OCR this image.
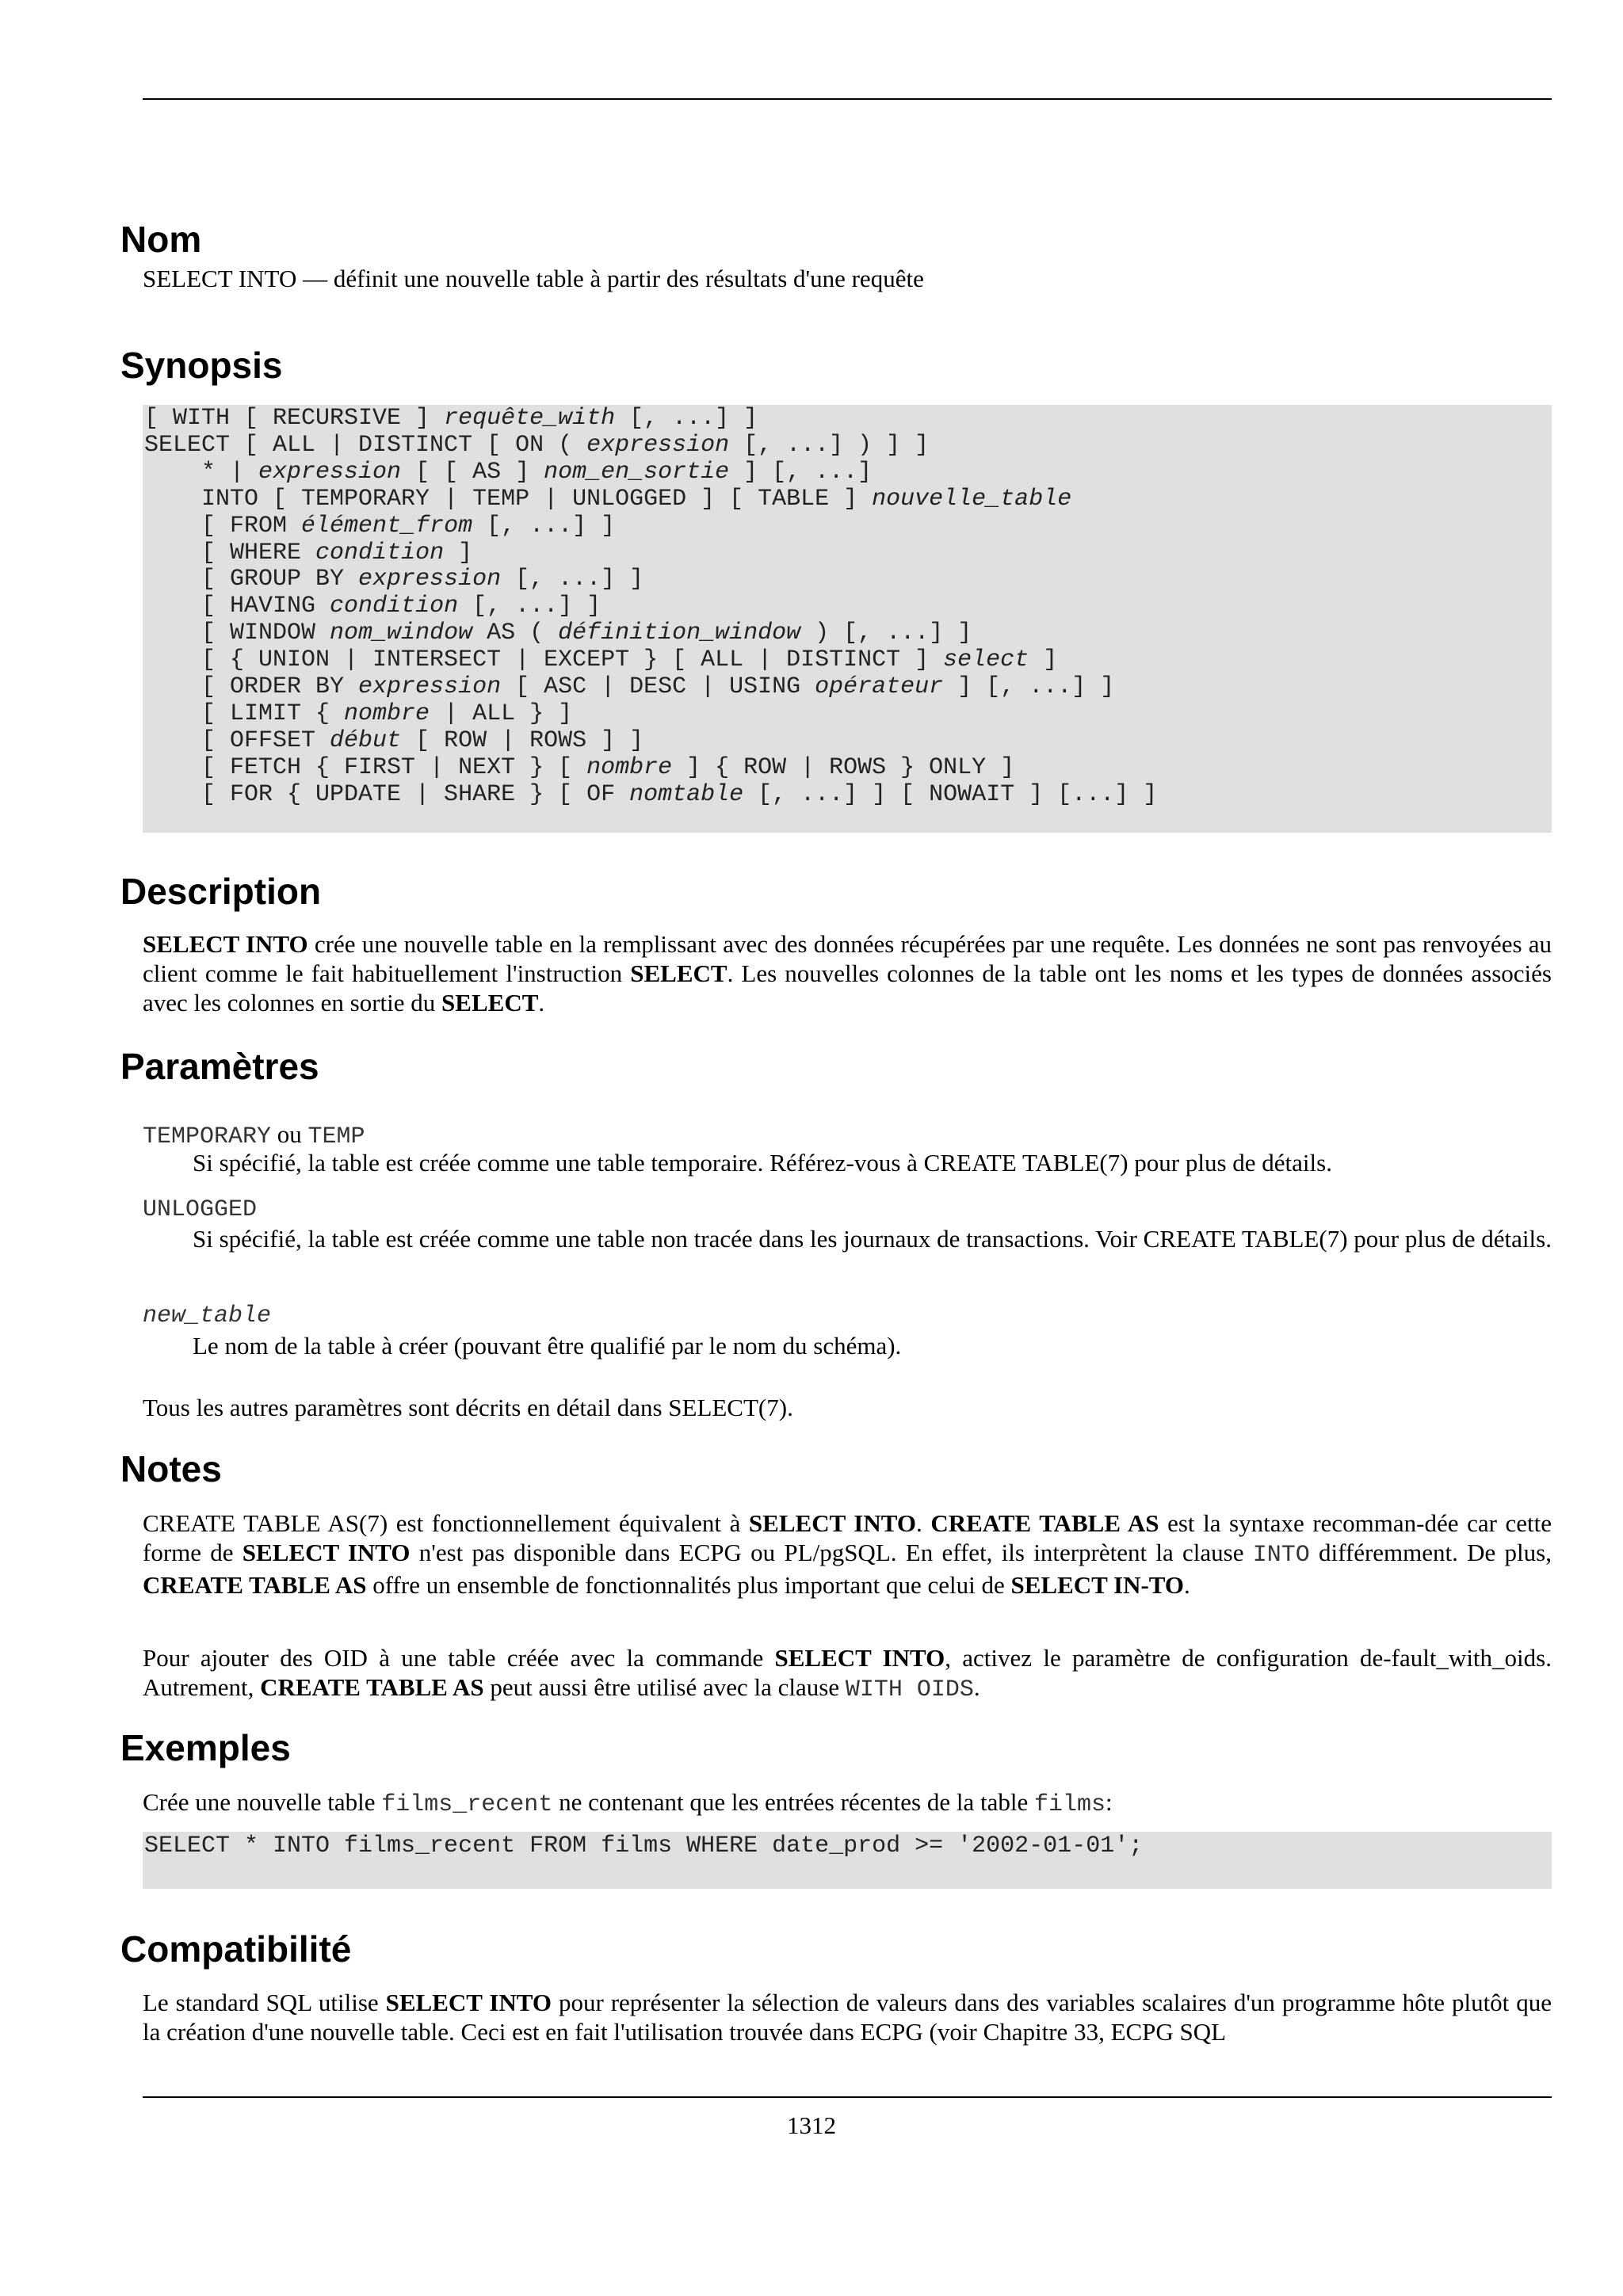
Nom

SELECT INTO — définit une nouvelle table à partir des résultats d'une requête

Synopsis
[ WITH [ RECURSIVE ] requête_with [, ...] ]
SELECT [ ALL | DISTINCT [ ON ( expression [, ...] ) ] ]
* | expression [ [ AS ] nom_en_sortie ] [, ...]
INTO [ TEMPORARY | TEMP | UNLOGGED ] [ TABLE ] nouvelle_table
[ FROM élément_from [, ...] ]
[ WHERE condition ]
[ GROUP BY expression [, ...] ]
[ HAVING condition [, ...] ]
[ WINDOW nom_window AS ( définition_window ) [, ...] ]
[ { UNION | INTERSECT | EXCEPT } [ ALL | DISTINCT ] select ]
[ ORDER BY expression [ ASC | DESC | USING opérateur ] [, ...] ]
[ LIMIT { nombre | ALL } ]
[ OFFSET début [ ROW | ROWS ] ]
[ FETCH { FIRST | NEXT } [ nombre ] { ROW | ROWS } ONLY ]
[ FOR { UPDATE | SHARE } [ OF nomtable [, ...] ] [ NOWAIT ] [...] ]
Description

SELECT INTO crée une nouvelle table en la remplissant avec des données récupérées par une requête. Les données ne sont pas renvoyées au client comme le fait habituellement l'instruction SELECT. Les nouvelles colonnes de la table ont les noms et les types de données associés avec les colonnes en sortie du SELECT.

Paramètres
TEMPORARY ou TEMP

Si spécifié, la table est créée comme une table temporaire. Référez-vous à CREATE TABLE(7) pour plus de détails.

UNLOGGED

Si spécifié, la table est créée comme une table non tracée dans les journaux de transactions. Voir CREATE TABLE(7) pour plus de détails.

new_table

Le nom de la table à créer (pouvant être qualifié par le nom du schéma).

Tous les autres paramètres sont décrits en détail dans SELECT(7).

Notes

CREATE TABLE AS(7) est fonctionnellement équivalent à SELECT INTO. CREATE TABLE AS est la syntaxe recomman-dée car cette forme de SELECT INTO n'est pas disponible dans ECPG ou PL/pgSQL. En effet, ils interprètent la clause INTO différemment. De plus, CREATE TABLE AS offre un ensemble de fonctionnalités plus important que celui de SELECT IN-TO.

Pour ajouter des OID à une table créée avec la commande SELECT INTO, activez le paramètre de configuration de-fault_with_oids. Autrement, CREATE TABLE AS peut aussi être utilisé avec la clause WITH OIDS.

Exemples

Crée une nouvelle table films_recent ne contenant que les entrées récentes de la table films:

SELECT * INTO films_recent FROM films WHERE date_prod >= '2002-01-01';
Compatibilité

Le standard SQL utilise SELECT INTO pour représenter la sélection de valeurs dans des variables scalaires d'un programme hôte plutôt que la création d'une nouvelle table. Ceci est en fait l'utilisation trouvée dans ECPG (voir Chapitre 33, ECPG SQL

1312
